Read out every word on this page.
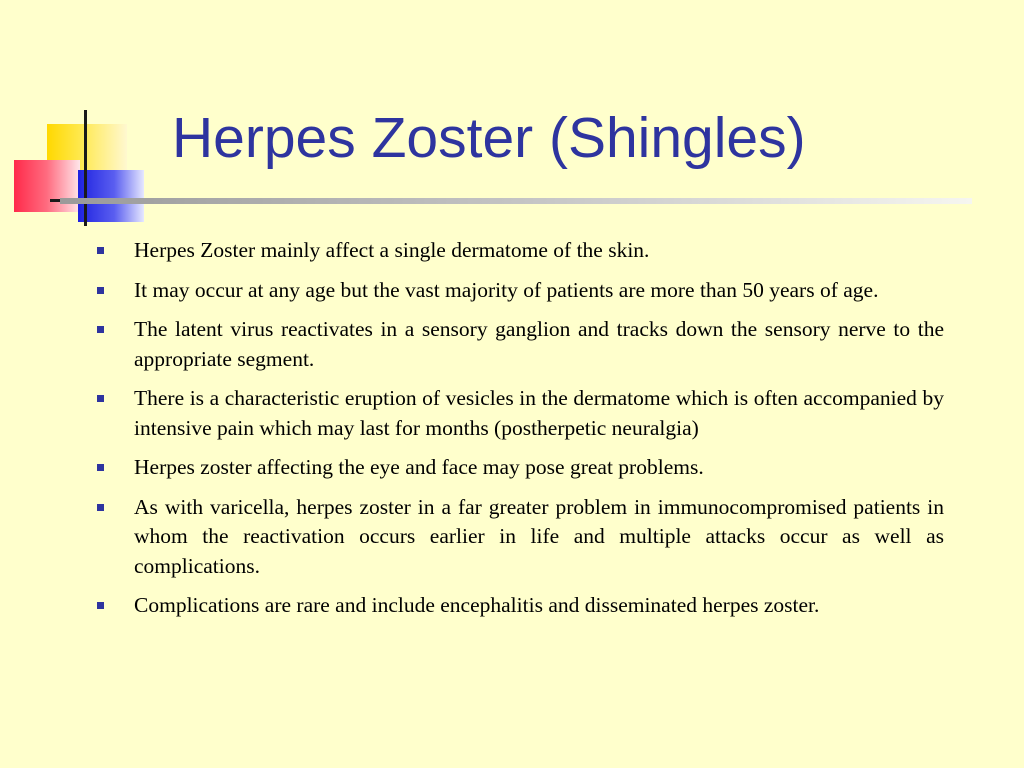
Herpes Zoster (Shingles)
Herpes Zoster mainly affect a single dermatome of the skin.
It may occur at any age but the vast majority of patients are more than 50 years of age.
The latent virus reactivates in a sensory ganglion and tracks down the sensory nerve to the appropriate segment.
There is a characteristic eruption of vesicles in the dermatome which is often accompanied by intensive pain which may last for months (postherpetic neuralgia)
Herpes zoster affecting the eye and face may pose great problems.
As with varicella, herpes zoster in a far greater problem in immunocompromised patients in whom the reactivation occurs earlier in life and multiple attacks occur as well as complications.
Complications are rare and include encephalitis and disseminated herpes zoster.
